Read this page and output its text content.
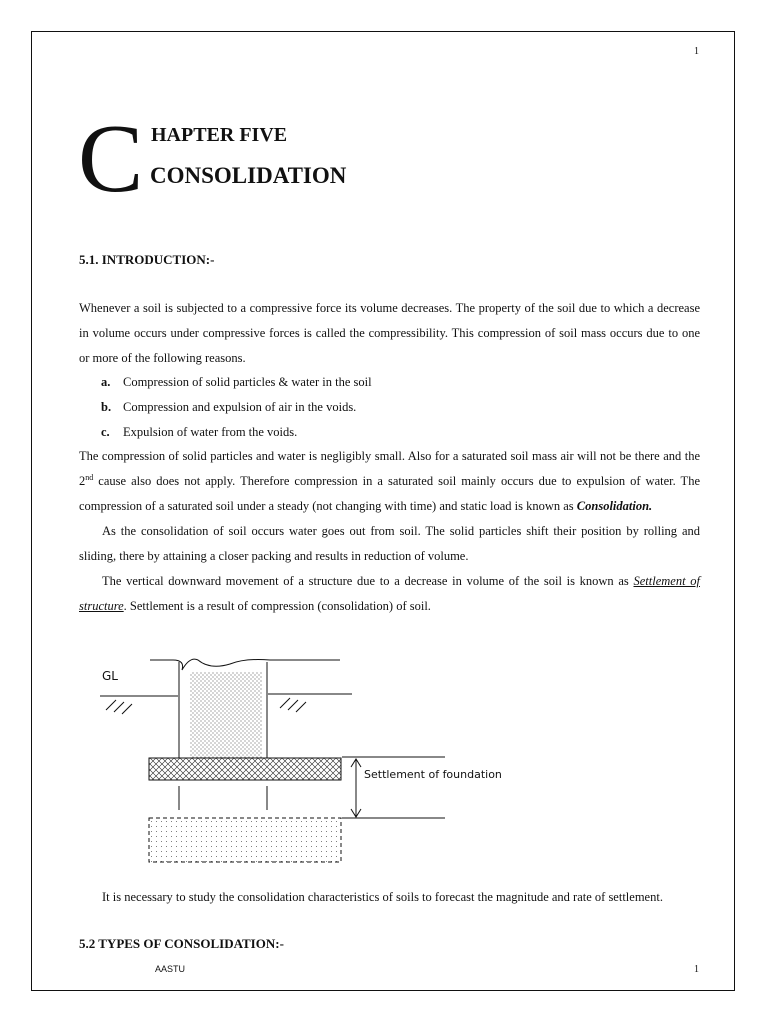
1
C HAPTER FIVE
CONSOLIDATION
5.1. INTRODUCTION:-

Whenever a soil is subjected to a compressive force its volume decreases. The property of the soil due to which a decrease in volume occurs under compressive forces is called the compressibility. This compression of soil mass occurs due to one or more of the following reasons.

a. Compression of solid particles & water in the soil
b. Compression and expulsion of air in the voids.
c. Expulsion of water from the voids.

The compression of solid particles and water is negligibly small. Also for a saturated soil mass air will not be there and the 2nd cause also does not apply. Therefore compression in a saturated soil mainly occurs due to expulsion of water. The compression of a saturated soil under a steady (not changing with time) and static load is known as Consolidation.

As the consolidation of soil occurs water goes out from soil. The solid particles shift their position by rolling and sliding, there by attaining a closer packing and results in reduction of volume.

The vertical downward movement of a structure due to a decrease in volume of the soil is known as Settlement of structure. Settlement is a result of compression (consolidation) of soil.

GL
Settlement of foundation

It is necessary to study the consolidation characteristics of soils to forecast the magnitude and rate of settlement.

5.2 TYPES OF CONSOLIDATION:-
AASTU	1
